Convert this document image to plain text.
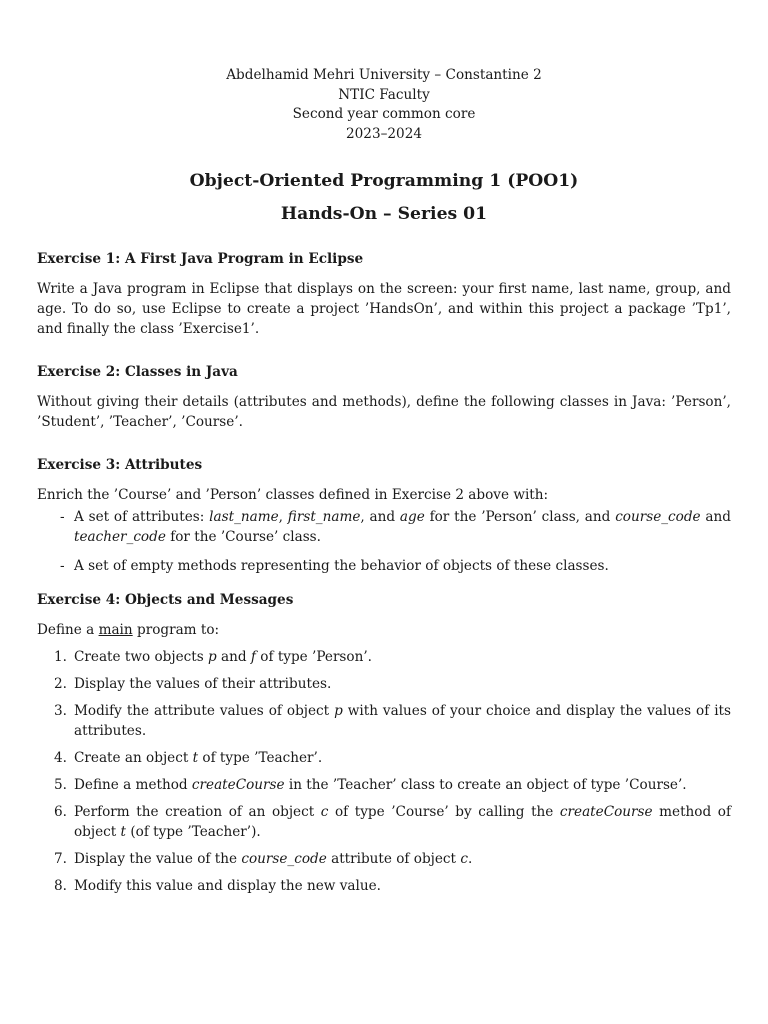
Abdelhamid Mehri University – Constantine 2
NTIC Faculty
Second year common core
2023–2024
Object-Oriented Programming 1 (POO1)
Hands-On – Series 01
Exercise 1: A First Java Program in Eclipse

Write a Java program in Eclipse that displays on the screen: your first name, last name, group, and age. To do so, use Eclipse to create a project ’HandsOn’, and within this project a package ’Tp1’, and finally the class ’Exercise1’.

Exercise 2: Classes in Java

Without giving their details (attributes and methods), define the following classes in Java: ’Person’, ’Student’, ’Teacher’, ’Course’.

Exercise 3: Attributes

Enrich the ’Course’ and ’Person’ classes defined in Exercise 2 above with:

- A set of attributes: last_name, first_name, and age for the ’Person’ class, and course_code and teacher_code for the ’Course’ class.
- A set of empty methods representing the behavior of objects of these classes.
Exercise 4: Objects and Messages

Define a main program to:

1. Create two objects p and f of type ’Person’.
2. Display the values of their attributes.
3. Modify the attribute values of object p with values of your choice and display the values of its attributes.
4. Create an object t of type ’Teacher’.
5. Define a method createCourse in the ’Teacher’ class to create an object of type ’Course’.
6. Perform the creation of an object c of type ’Course’ by calling the createCourse method of object t (of type ’Teacher’).
7. Display the value of the course_code attribute of object c.
8. Modify this value and display the new value.
